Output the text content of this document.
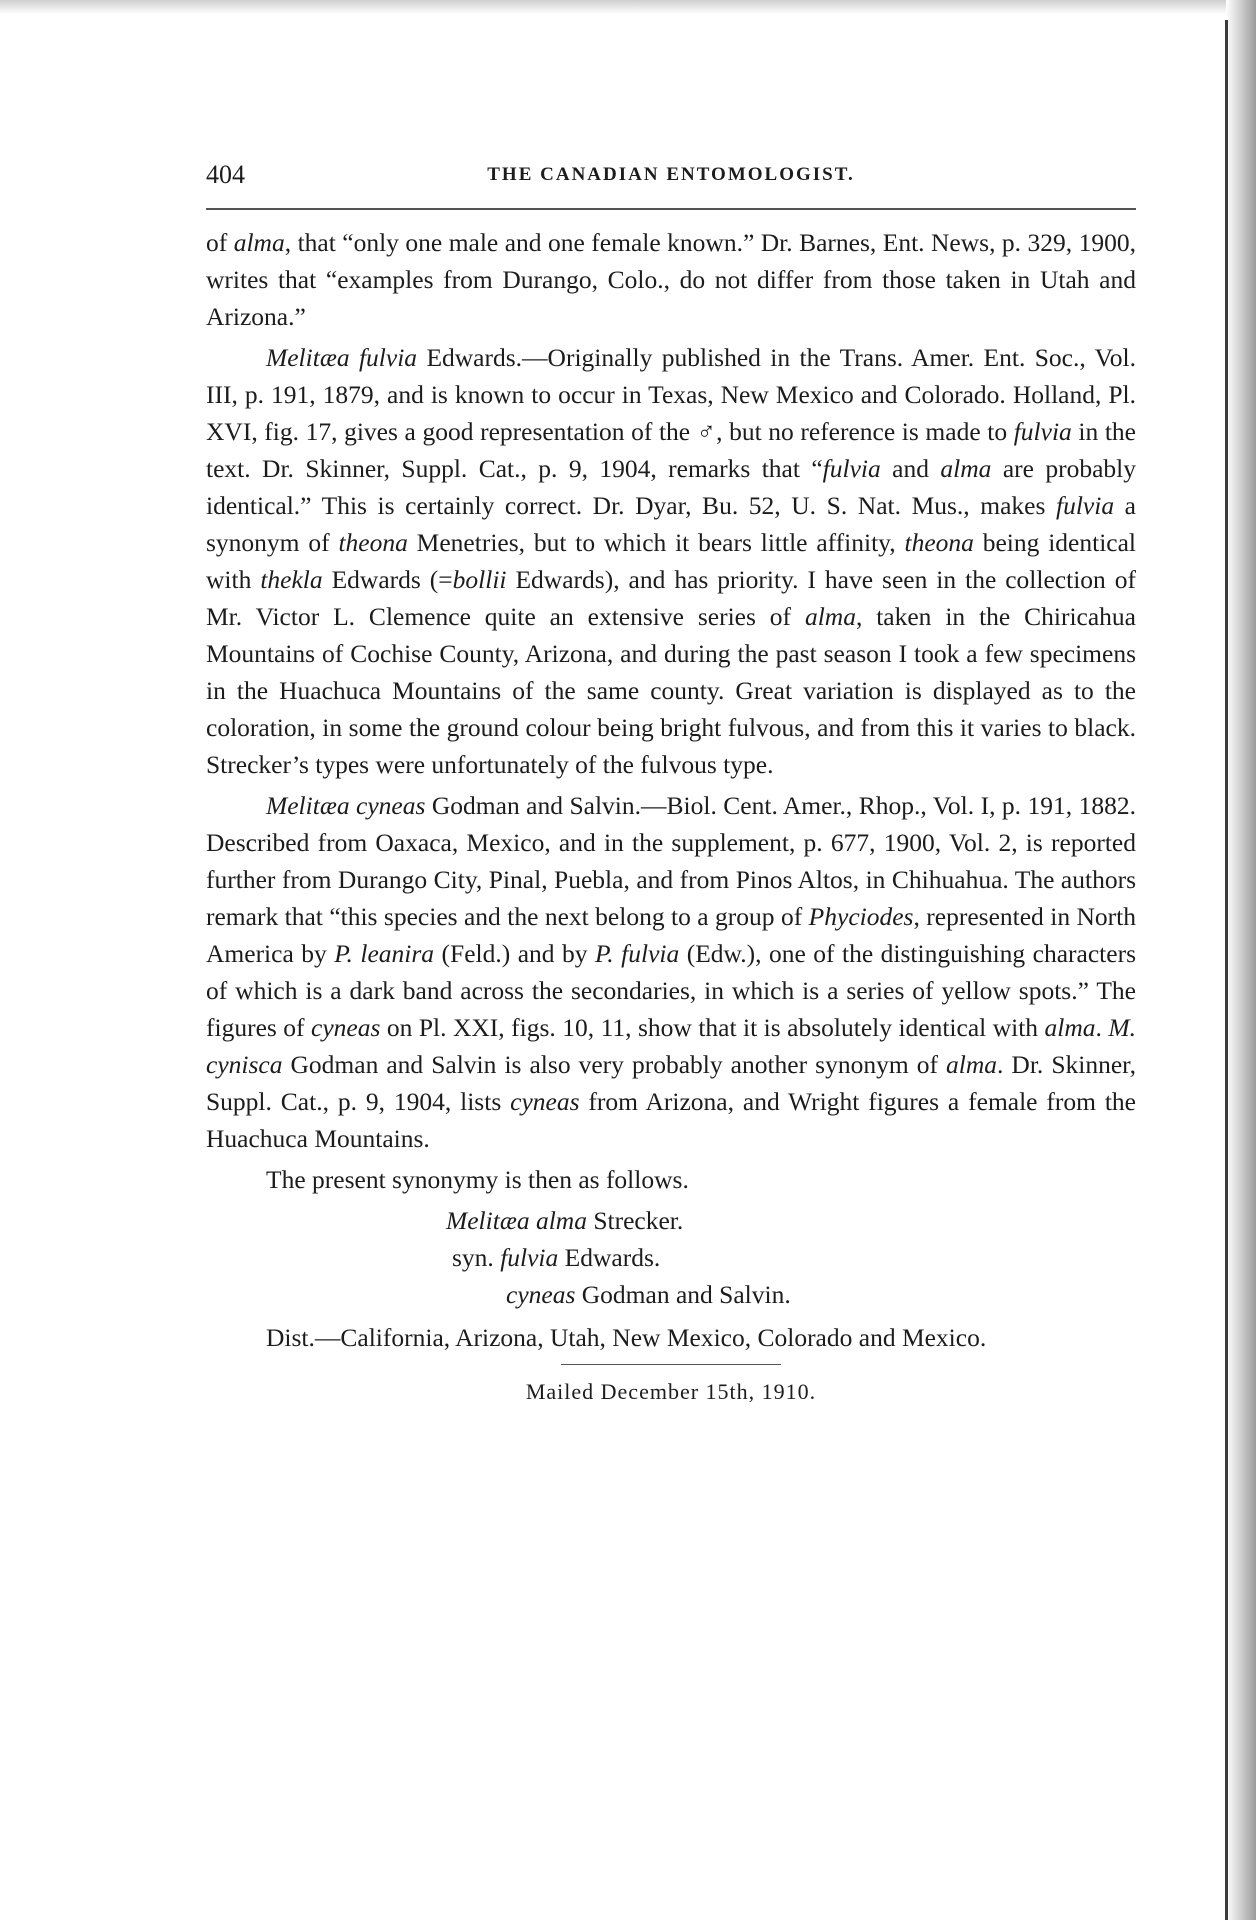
404	THE CANADIAN ENTOMOLOGIST.

of alma, that “only one male and one female known.” Dr. Barnes, Ent. News, p. 329, 1900, writes that “examples from Durango, Colo., do not differ from those taken in Utah and Arizona.”

Melitæa fulvia Edwards.—Originally published in the Trans. Amer. Ent. Soc., Vol. III, p. 191, 1879, and is known to occur in Texas, New Mexico and Colorado. Holland, Pl. XVI, fig. 17, gives a good representation of the ♂, but no reference is made to fulvia in the text. Dr. Skinner, Suppl. Cat., p. 9, 1904, remarks that “fulvia and alma are probably identical.” This is certainly correct. Dr. Dyar, Bu. 52, U. S. Nat. Mus., makes fulvia a synonym of theona Menetries, but to which it bears little affinity, theona being identical with thekla Edwards (=bollii Edwards), and has priority. I have seen in the collection of Mr. Victor L. Clemence quite an extensive series of alma, taken in the Chiricahua Mountains of Cochise County, Arizona, and during the past season I took a few specimens in the Huachuca Mountains of the same county. Great variation is displayed as to the coloration, in some the ground colour being bright fulvous, and from this it varies to black. Strecker’s types were unfortunately of the fulvous type.

Melitæa cyneas Godman and Salvin.—Biol. Cent. Amer., Rhop., Vol. I, p. 191, 1882. Described from Oaxaca, Mexico, and in the supplement, p. 677, 1900, Vol. 2, is reported further from Durango City, Pinal, Puebla, and from Pinos Altos, in Chihuahua. The authors remark that “this species and the next belong to a group of Phyciodes, represented in North America by P. leanira (Feld.) and by P. fulvia (Edw.), one of the distinguishing characters of which is a dark band across the secondaries, in which is a series of yellow spots.” The figures of cyneas on Pl. XXI, figs. 10, 11, show that it is absolutely identical with alma. M. cynisca Godman and Salvin is also very probably another synonym of alma. Dr. Skinner, Suppl. Cat., p. 9, 1904, lists cyneas from Arizona, and Wright figures a female from the Huachuca Mountains.

The present synonymy is then as follows.

Melitæa alma Strecker.
syn. fulvia Edwards.
cyneas Godman and Salvin.

Dist.—California, Arizona, Utah, New Mexico, Colorado and Mexico.

Mailed December 15th, 1910.
